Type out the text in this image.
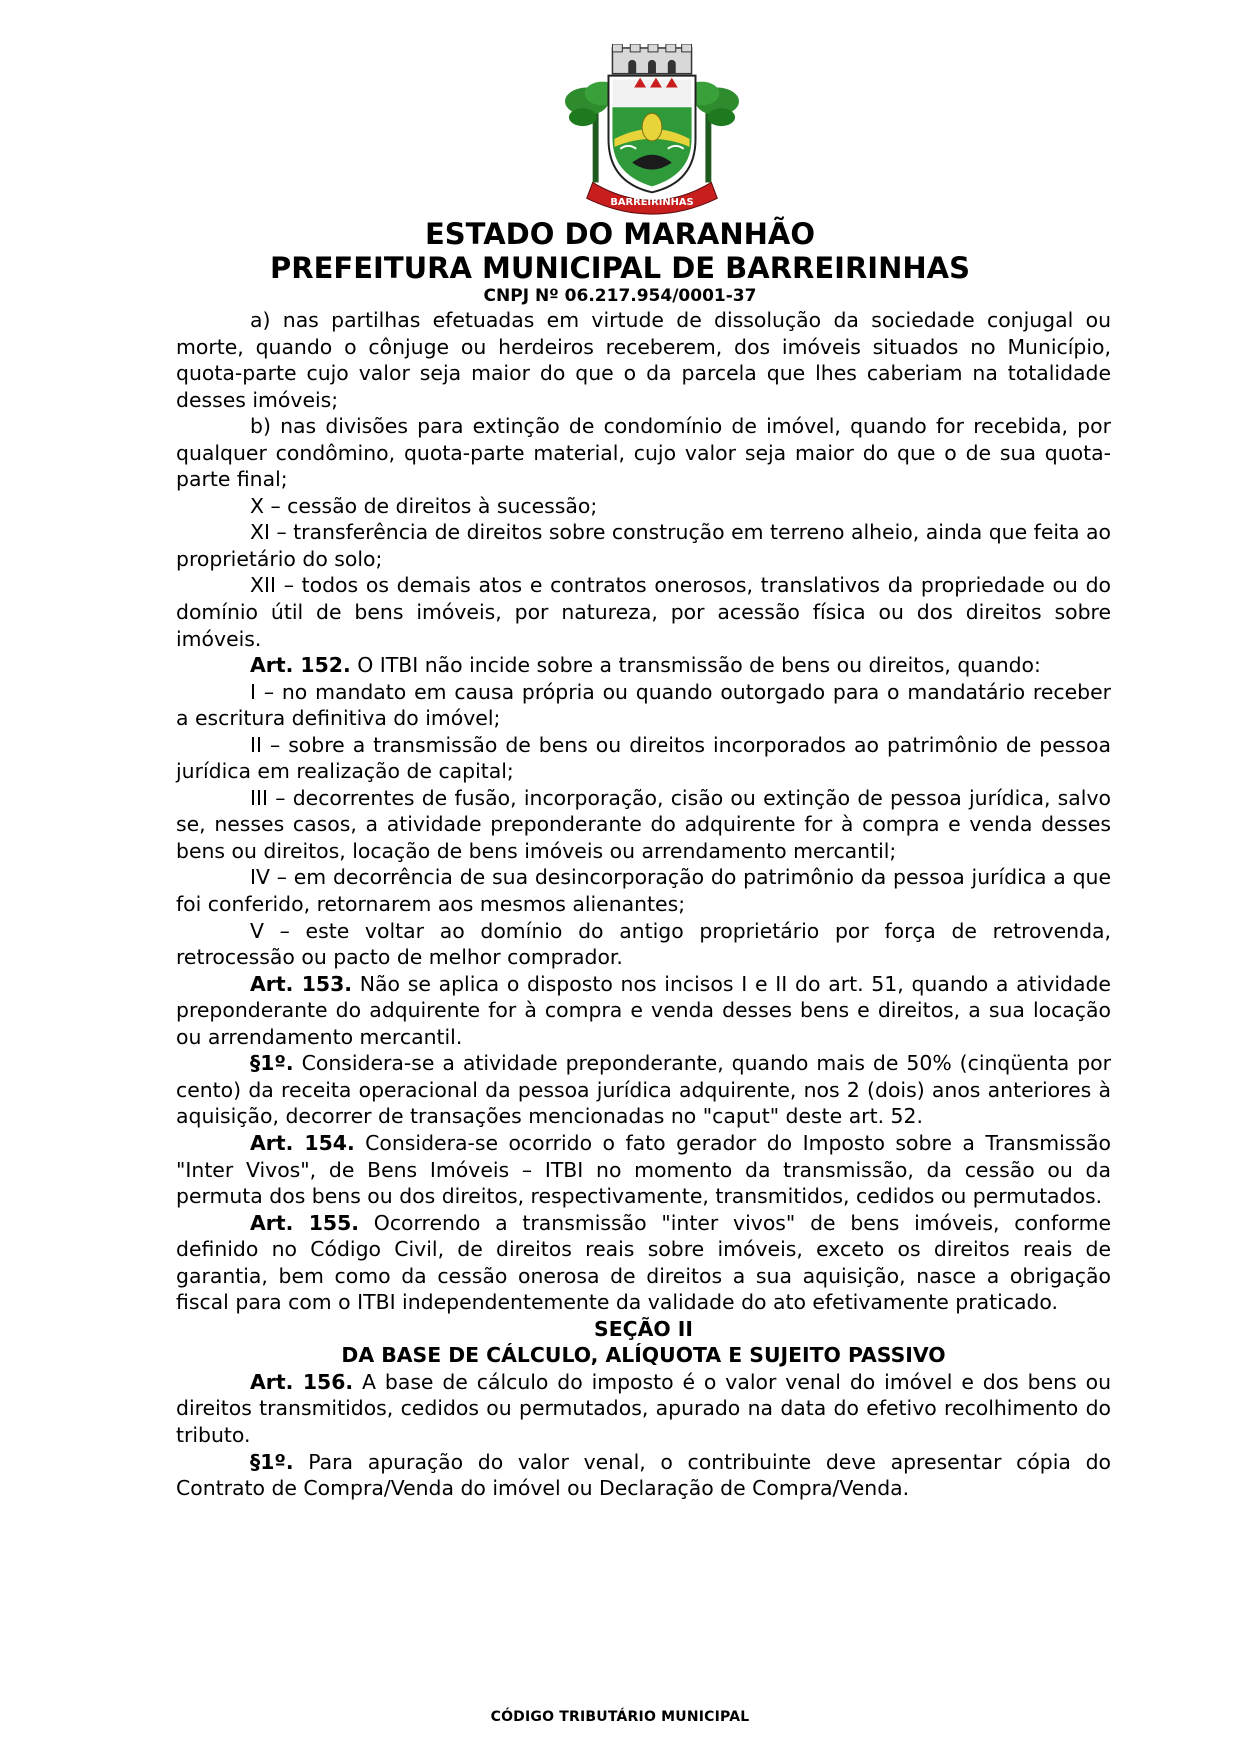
BARREIRINHAS
ESTADO DO MARANHÃO
PREFEITURA MUNICIPAL DE BARREIRINHAS
CNPJ Nº 06.217.954/0001-37

a) nas partilhas efetuadas em virtude de dissolução da sociedade conjugal ou morte, quando o cônjuge ou herdeiros receberem, dos imóveis situados no Município, quota-parte cujo valor seja maior do que o da parcela que lhes caberiam na totalidade desses imóveis;

b) nas divisões para extinção de condomínio de imóvel, quando for recebida, por qualquer condômino, quota-parte material, cujo valor seja maior do que o de sua quota-parte final;

X – cessão de direitos à sucessão;

XI – transferência de direitos sobre construção em terreno alheio, ainda que feita ao proprietário do solo;

XII – todos os demais atos e contratos onerosos, translativos da propriedade ou do domínio útil de bens imóveis, por natureza, por acessão física ou dos direitos sobre imóveis.

Art. 152. O ITBI não incide sobre a transmissão de bens ou direitos, quando:

I – no mandato em causa própria ou quando outorgado para o mandatário receber a escritura definitiva do imóvel;

II – sobre a transmissão de bens ou direitos incorporados ao patrimônio de pessoa jurídica em realização de capital;

III – decorrentes de fusão, incorporação, cisão ou extinção de pessoa jurídica, salvo se, nesses casos, a atividade preponderante do adquirente for à compra e venda desses bens ou direitos, locação de bens imóveis ou arrendamento mercantil;

IV – em decorrência de sua desincorporação do patrimônio da pessoa jurídica a que foi conferido, retornarem aos mesmos alienantes;

V – este voltar ao domínio do antigo proprietário por força de retrovenda, retrocessão ou pacto de melhor comprador.

Art. 153. Não se aplica o disposto nos incisos I e II do art. 51, quando a atividade preponderante do adquirente for à compra e venda desses bens e direitos, a sua locação ou arrendamento mercantil.

§1º. Considera-se a atividade preponderante, quando mais de 50% (cinqüenta por cento) da receita operacional da pessoa jurídica adquirente, nos 2 (dois) anos anteriores à aquisição, decorrer de transações mencionadas no "caput" deste art. 52.

Art. 154. Considera-se ocorrido o fato gerador do Imposto sobre a Transmissão "Inter Vivos", de Bens Imóveis – ITBI no momento da transmissão, da cessão ou da permuta dos bens ou dos direitos, respectivamente, transmitidos, cedidos ou permutados.

Art. 155. Ocorrendo a transmissão "inter vivos" de bens imóveis, conforme definido no Código Civil, de direitos reais sobre imóveis, exceto os direitos reais de garantia, bem como da cessão onerosa de direitos a sua aquisição, nasce a obrigação fiscal para com o ITBI independentemente da validade do ato efetivamente praticado.

SEÇÃO II

DA BASE DE CÁLCULO, ALÍQUOTA E SUJEITO PASSIVO

Art. 156. A base de cálculo do imposto é o valor venal do imóvel e dos bens ou direitos transmitidos, cedidos ou permutados, apurado na data do efetivo recolhimento do tributo.

§1º. Para apuração do valor venal, o contribuinte deve apresentar cópia do Contrato de Compra/Venda do imóvel ou Declaração de Compra/Venda.

CÓDIGO TRIBUTÁRIO MUNICIPAL
